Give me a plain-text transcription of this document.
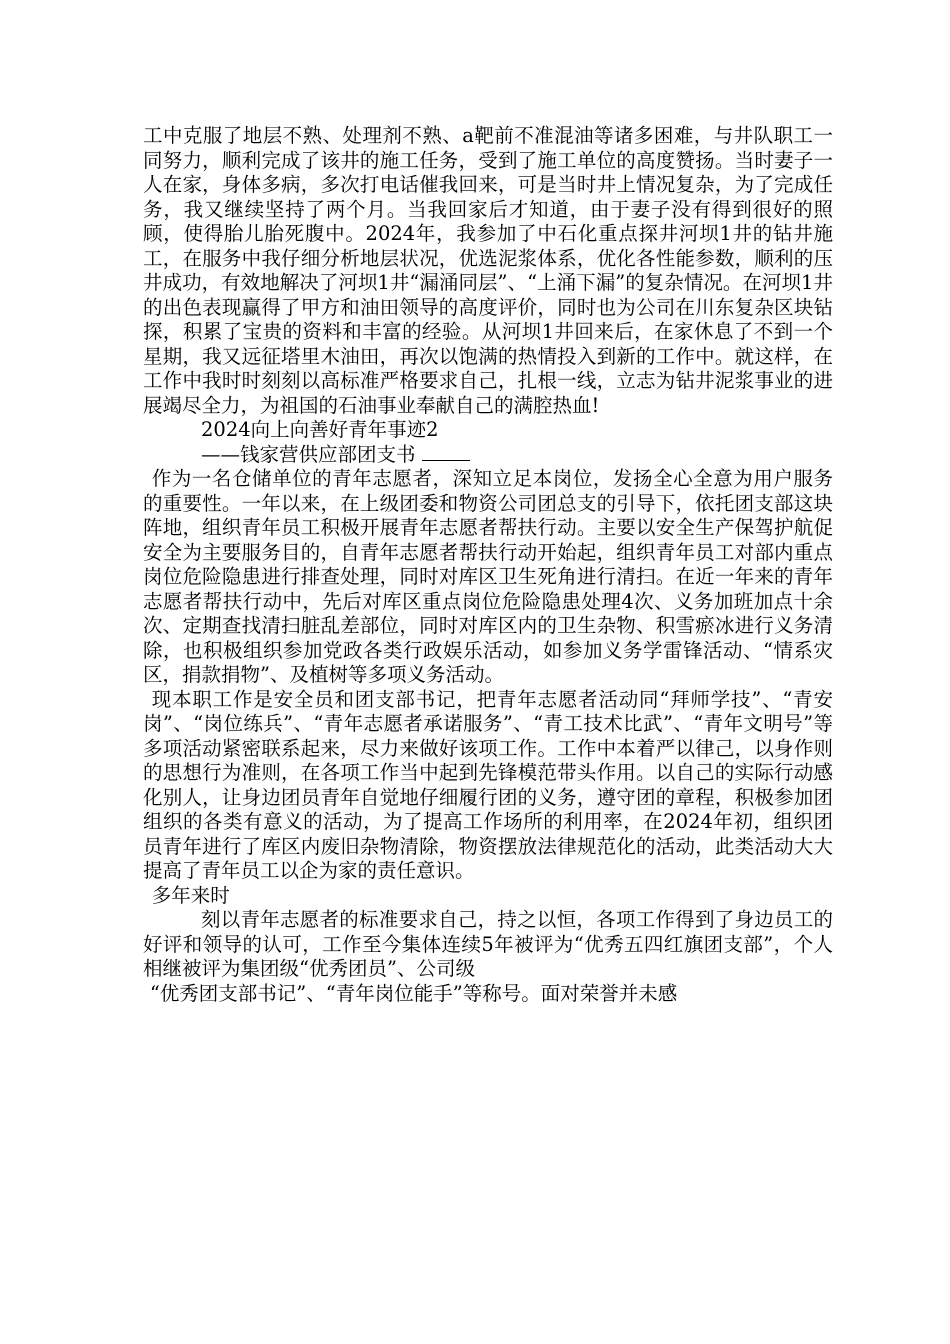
工中克服了地层不熟、处理剂不熟、a靶前不准混油等诸多困难，与井队职工一同努力，顺利完成了该井的施工任务，受到了施工单位的高度赞扬。当时妻子一人在家，身体多病，多次打电话催我回来，可是当时井上情况复杂，为了完成任务，我又继续坚持了两个月。当我回家后才知道，由于妻子没有得到很好的照顾，使得胎儿胎死腹中。2024年，我参加了中石化重点探井河坝1井的钻井施工，在服务中我仔细分析地层状况，优选泥浆体系，优化各性能参数，顺利的压井成功，有效地解决了河坝1井“漏涌同层”、“上涌下漏”的复杂情况。在河坝1井的出色表现赢得了甲方和油田领导的高度评价，同时也为公司在川东复杂区块钻探，积累了宝贵的资料和丰富的经验。从河坝1井回来后，在家休息了不到一个星期，我又远征塔里木油田，再次以饱满的热情投入到新的工作中。就这样，在工作中我时时刻刻以高标准严格要求自己，扎根一线，立志为钻井泥浆事业的进展竭尽全力，为祖国的石油事业奉献自己的满腔热血!

2024向上向善好青年事迹2

——钱家营供应部团支书

作为一名仓储单位的青年志愿者，深知立足本岗位，发扬全心全意为用户服务的重要性。一年以来，在上级团委和物资公司团总支的引导下，依托团支部这块阵地，组织青年员工积极开展青年志愿者帮扶行动。主要以安全生产保驾护航促安全为主要服务目的，自青年志愿者帮扶行动开始起，组织青年员工对部内重点岗位危险隐患进行排查处理，同时对库区卫生死角进行清扫。在近一年来的青年志愿者帮扶行动中，先后对库区重点岗位危险隐患处理4次、义务加班加点十余次、定期查找清扫脏乱差部位，同时对库区内的卫生杂物、积雪瘀冰进行义务清除，也积极组织参加党政各类行政娱乐活动，如参加义务学雷锋活动、“情系灾区，捐款捐物”、及植树等多项义务活动。

现本职工作是安全员和团支部书记，把青年志愿者活动同“拜师学技”、“青安岗”、“岗位练兵”、“青年志愿者承诺服务”、“青工技术比武”、“青年文明号”等多项活动紧密联系起来，尽力来做好该项工作。工作中本着严以律己，以身作则的思想行为准则，在各项工作当中起到先锋模范带头作用。以自己的实际行动感化别人，让身边团员青年自觉地仔细履行团的义务，遵守团的章程，积极参加团组织的各类有意义的活动，为了提高工作场所的利用率，在2024年初，组织团员青年进行了库区内废旧杂物清除，物资摆放法律规范化的活动，此类活动大大提高了青年员工以企为家的责任意识。

多年来时

刻以青年志愿者的标准要求自己，持之以恒，各项工作得到了身边员工的好评和领导的认可，工作至今集体连续5年被评为“优秀五四红旗团支部”，个人相继被评为集团级“优秀团员”、公司级

“优秀团支部书记”、“青年岗位能手”等称号。面对荣誉并未感
